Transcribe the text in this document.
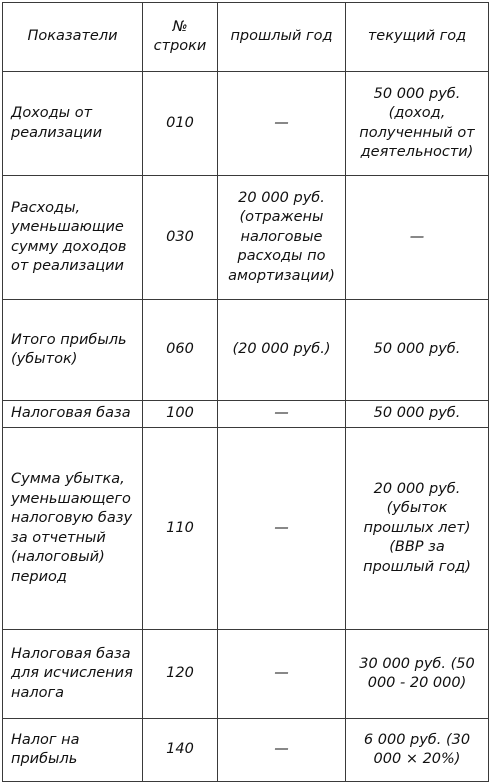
Показатели	№ строки	прошлый год	текущий год
Доходы от реализации	010	—	50 000 руб. (доход, полученный от деятельности)
Расходы, уменьшающие сумму доходов от реализации	030	20 000 руб. (отражены налоговые расходы по амортизации)	—
Итого прибыль (убыток)	060	(20 000 руб.)	50 000 руб.
Налоговая база	100	—	50 000 руб.
Сумма убытка, уменьшающего налоговую базу за отчетный (налоговый) период	110	—	20 000 руб. (убыток прошлых лет) (ВВР за прошлый год)
Налоговая база для исчисления налога	120	—	30 000 руб. (50 000 - 20 000)
Налог на прибыль	140	—	6 000 руб. (30 000 × 20%)
